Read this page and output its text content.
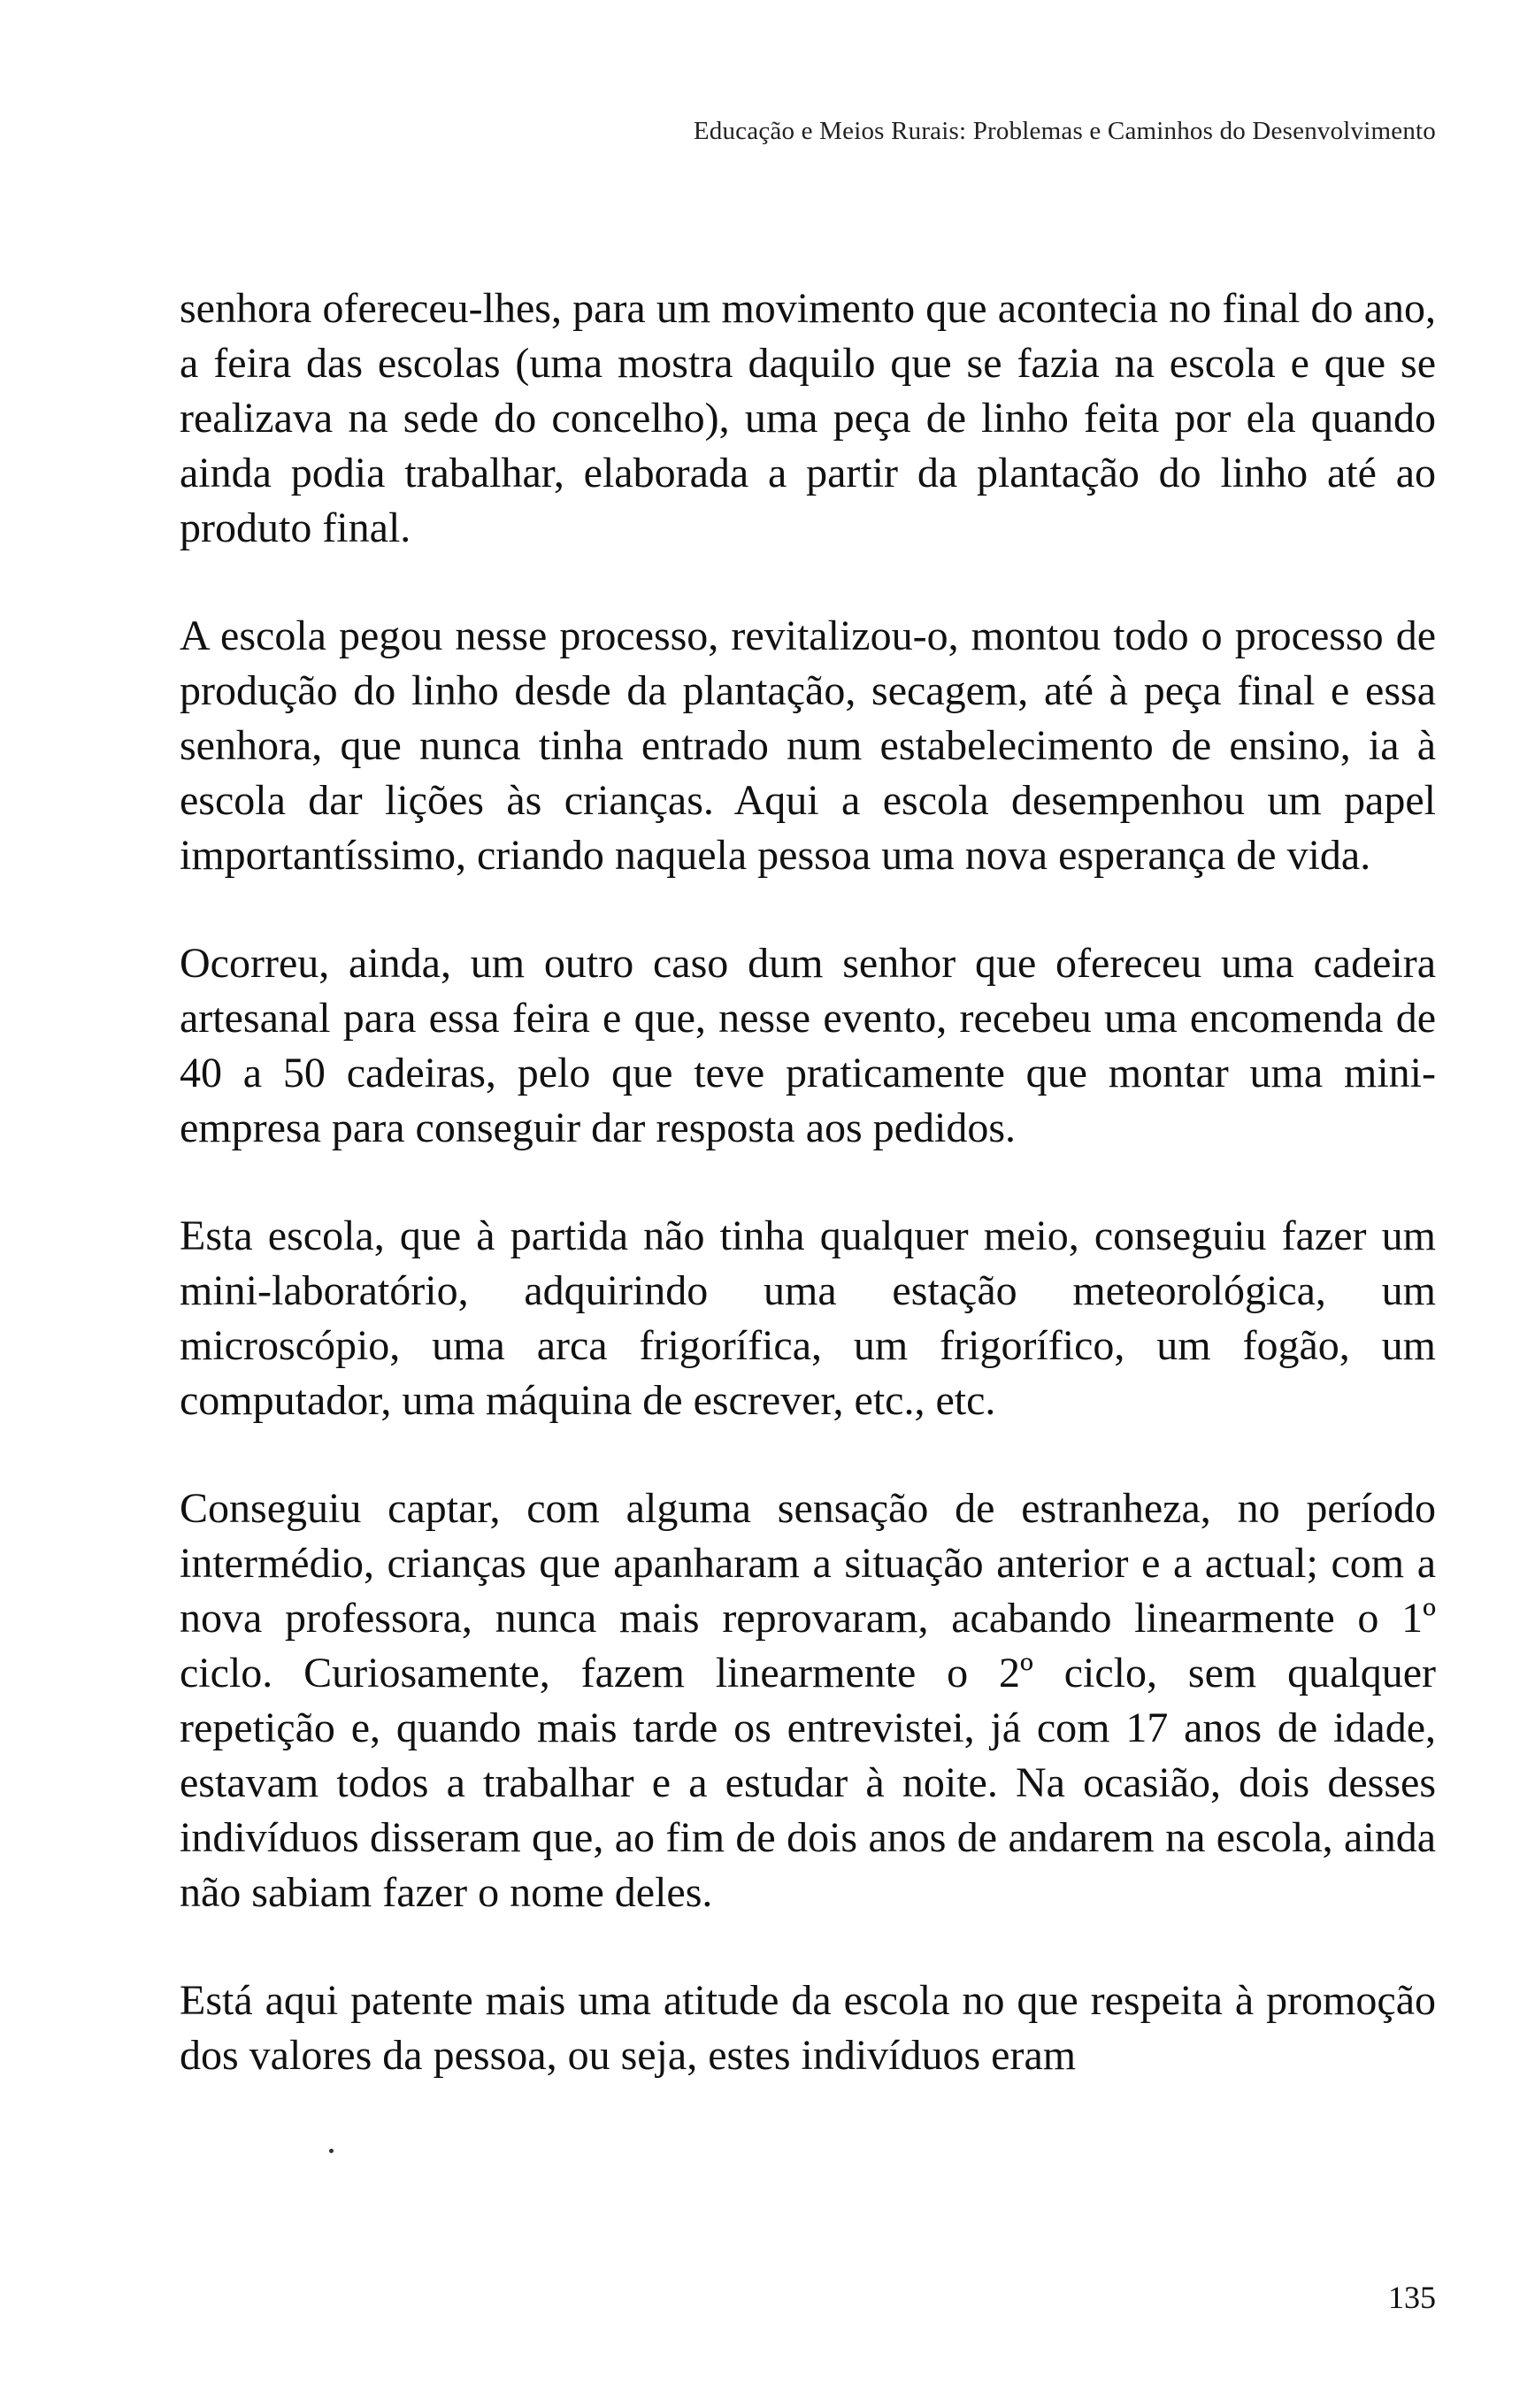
Educação e Meios Rurais: Problemas e Caminhos do Desenvolvimento

senhora ofereceu-lhes, para um movimento que acontecia no final do ano, a feira das escolas (uma mostra daquilo que se fazia na escola e que se realizava na sede do concelho), uma peça de linho feita por ela quando ainda podia trabalhar, elaborada a partir da plantação do linho até ao produto final.

A escola pegou nesse processo, revitalizou-o, montou todo o processo de produção do linho desde da plantação, secagem, até à peça final e essa senhora, que nunca tinha entrado num estabelecimento de ensino, ia à escola dar lições às crianças. Aqui a escola desempenhou um papel importantíssimo, criando naquela pessoa uma nova esperança de vida.

Ocorreu, ainda, um outro caso dum senhor que ofereceu uma cadeira artesanal para essa feira e que, nesse evento, recebeu uma encomenda de 40 a 50 cadeiras, pelo que teve praticamente que montar uma mini-empresa para conseguir dar resposta aos pedidos.

Esta escola, que à partida não tinha qualquer meio, conseguiu fazer um mini-laboratório, adquirindo uma estação meteorológica, um microscópio, uma arca frigorífica, um frigorífico, um fogão, um computador, uma máquina de escrever, etc., etc.

Conseguiu captar, com alguma sensação de estranheza, no período intermédio, crianças que apanharam a situação anterior e a actual; com a nova professora, nunca mais reprovaram, acabando linearmente o 1º ciclo. Curiosamente, fazem linearmente o 2º ciclo, sem qualquer repetição e, quando mais tarde os entrevistei, já com 17 anos de idade, estavam todos a trabalhar e a estudar à noite. Na ocasião, dois desses indivíduos disseram que, ao fim de dois anos de andarem na escola, ainda não sabiam fazer o nome deles.

Está aqui patente mais uma atitude da escola no que respeita à promoção dos valores da pessoa, ou seja, estes indivíduos eram

135
